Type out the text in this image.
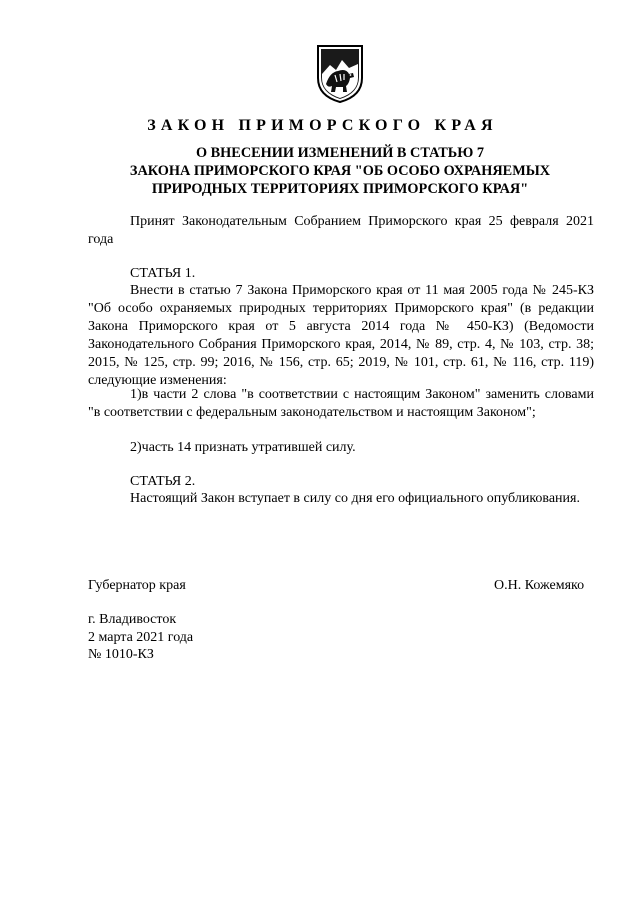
ЗАКОН ПРИМОРСКОГО КРАЯ
О ВНЕСЕНИИ ИЗМЕНЕНИЙ В СТАТЬЮ 7
ЗАКОНА ПРИМОРСКОГО КРАЯ "ОБ ОСОБО ОХРАНЯЕМЫХ
ПРИРОДНЫХ ТЕРРИТОРИЯХ ПРИМОРСКОГО КРАЯ"

Принят Законодательным Собранием Приморского края 25 февраля 2021 года

СТАТЬЯ 1.

Внести в статью 7 Закона Приморского края от 11 мая 2005 года № 245-КЗ "Об особо охраняемых природных территориях Приморского края" (в редакции Закона Приморского края от 5 августа 2014 года № 450-КЗ) (Ведомости Законодательного Собрания Приморского края, 2014, № 89, стр. 4, № 103, стр. 38; 2015, № 125, стр. 99; 2016, № 156, стр. 65; 2019, № 101, стр. 61, № 116, стр. 119) следующие изменения:

1)в части 2 слова "в соответствии с настоящим Законом" заменить словами "в соответствии с федеральным законодательством и настоящим Законом";

2)часть 14 признать утратившей силу.

СТАТЬЯ 2.

Настоящий Закон вступает в силу со дня его официального опубликования.

Губернатор края	О.Н. Кожемяко
г. Владивосток
2 марта 2021 года
№ 1010-КЗ
